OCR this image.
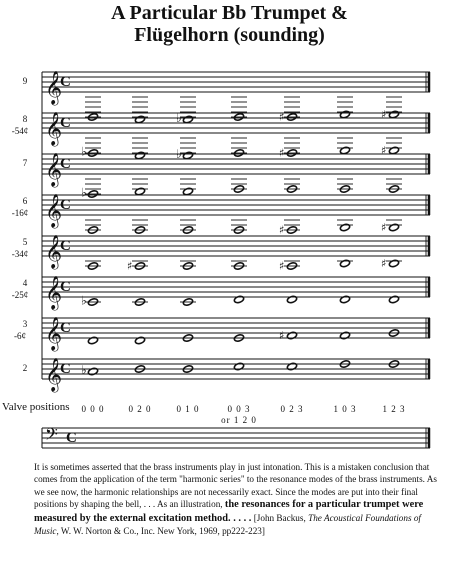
A Particular Bb Trumpet &
Flügelhorn (sounding)
𝄞
C
9
♭	♯	♯
𝄞
C
8
-54¢
♭	♭	♯	♯
𝄞
C
7
♭
𝄞
C
6
-16¢
♯	♯
𝄞
C
5
-34¢
♯	♯	♯
𝄞
C
4
-25¢	♭
𝄞
C
3
-6¢	♯
𝄞
C
2	♭
Valve positions 0 0 0	0 2 0	0 1 0	0 0 3
or 1 2 0
0 2 3	1 0 3	1 2 3
𝄢 C
It is sometimes asserted that the brass instruments play in just intonation. This is a mistaken conclusion that comes from the application of the term "harmonic series" to the resonance modes of the brass instruments. As we see now, the harmonic relationships are not necessarily exact. Since the modes are put into their final positions by shaping the bell, . . . As an illustration, the resonances for a particular trumpet were measured by the external excitation method. . . . . [John Backus, The Acoustical Foundations of Music, W. W. Norton & Co., Inc. New York, 1969, pp222-223]
